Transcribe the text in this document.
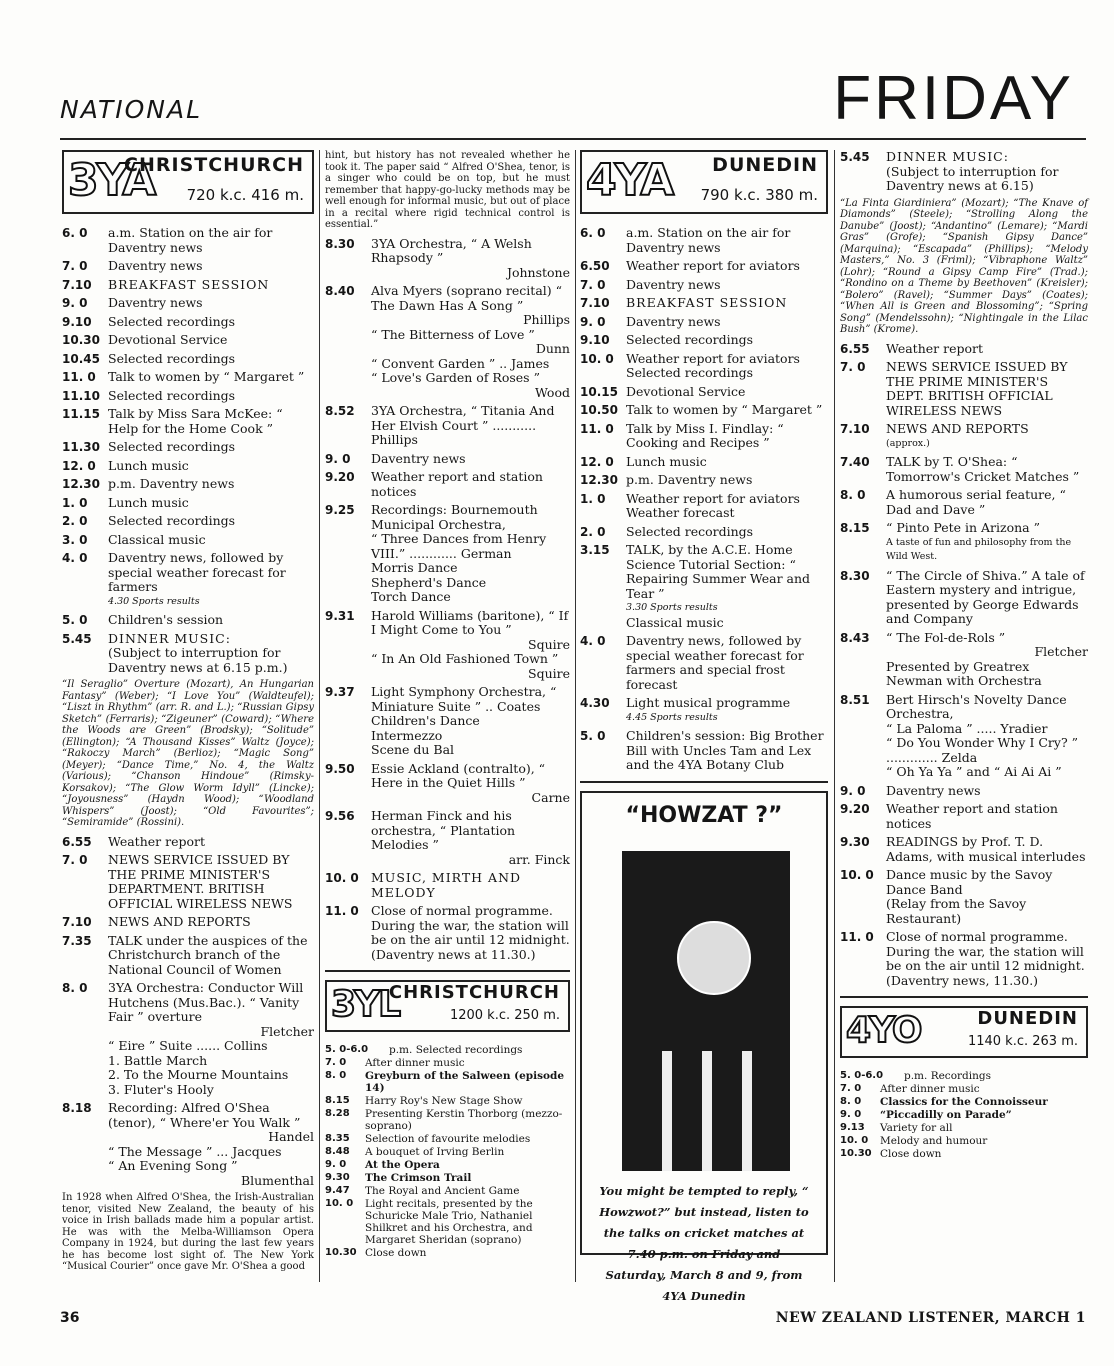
NATIONAL	FRIDAY
3YA
CHRISTCHURCH
720 k.c. 416 m.
6. 0	a.m. Station on the air for Daventry news
7. 0	Daventry news
7.10	BREAKFAST SESSION
9. 0	Daventry news
9.10	Selected recordings
10.30 Devotional Service
10.45 Selected recordings
11. 0 Talk to women by “ Margaret ”
11.10 Selected recordings
11.15 Talk by Miss Sara McKee: “ Help for the Home Cook ”
11.30 Selected recordings
12. 0 Lunch music
12.30 p.m. Daventry news
1. 0	Lunch music
2. 0	Selected recordings
3. 0	Classical music
4. 0	Daventry news, followed by special weather forecast for farmers
4.30 Sports results
5. 0	Children's session
5.45	DINNER MUSIC:
(Subject to interruption for Daventry news at 6.15 p.m.)
“Il Seraglio” Overture (Mozart), An Hungarian Fantasy” (Weber); “I Love You” (Waldteufel); “Liszt in Rhythm” (arr. R. and L.); “Russian Gipsy Sketch” (Ferraris); “Zigeuner” (Coward); “Where the Woods are Green” (Brodsky); “Solitude” (Ellington); “A Thousand Kisses” Waltz (Joyce); “Rakoczy March” (Berlioz); “Magic Song” (Meyer); “Dance Time,” No. 4, the Waltz (Various); “Chanson Hindoue” (Rimsky-Korsakov); “The Glow Worm Idyll” (Lincke); “Joyousness” (Haydn Wood); “Woodland Whispers” (Joost); “Old Favourites”; “Semiramide” (Rossini).
6.55	Weather report
7. 0	NEWS SERVICE ISSUED BY THE PRIME MINISTER'S DEPARTMENT. BRITISH OFFICIAL WIRELESS NEWS
7.10	NEWS AND REPORTS
7.35	TALK under the auspices of the Christchurch branch of the National Council of Women
8. 0	3YA Orchestra: Conductor Will Hutchens (Mus.Bac.). “ Vanity Fair ” overture
Fletcher
“ Eire ” Suite ...... Collins
1. Battle March
2. To the Mourne Mountains
3. Fluter's Hooly
8.18	Recording: Alfred O'Shea (tenor), “ Where'er You Walk ”
Handel
“ The Message ” ... Jacques
“ An Evening Song ”
Blumenthal
In 1928 when Alfred O'Shea, the Irish-Australian tenor, visited New Zealand, the beauty of his voice in Irish ballads made him a popular artist. He was with the Melba-Williamson Opera Company in 1924, but during the last few years he has become lost sight of. The New York “Musical Courier” once gave Mr. O'Shea a good
hint, but history has not revealed whether he took it. The paper said “ Alfred O'Shea, tenor, is a singer who could be on top, but he must remember that happy-go-lucky methods may be well enough for informal music, but out of place in a recital where rigid technical control is essential.”
8.30	3YA Orchestra, “ A Welsh Rhapsody ”
Johnstone
8.40	Alva Myers (soprano recital) “ The Dawn Has A Song ”
Phillips
“ The Bitterness of Love ”
Dunn
“ Convent Garden ” .. James
“ Love's Garden of Roses ”
Wood
8.52	3YA Orchestra, “ Titania And Her Elvish Court ” ........... Phillips
9. 0	Daventry news
9.20	Weather report and station notices
9.25	Recordings: Bournemouth Municipal Orchestra,
“ Three Dances from Henry VIII.” ............ German
Morris Dance
Shepherd's Dance
Torch Dance
9.31	Harold Williams (baritone), “ If I Might Come to You ”
Squire
“ In An Old Fashioned Town ”
Squire
9.37	Light Symphony Orchestra, “ Miniature Suite ” .. Coates
Children's Dance
Intermezzo
Scene du Bal
9.50	Essie Ackland (contralto), “ Here in the Quiet Hills ”
Carne
9.56	Herman Finck and his orchestra, “ Plantation Melodies ”
arr. Finck
10. 0 MUSIC, MIRTH AND MELODY
11. 0 Close of normal programme. During the war, the station will be on the air until 12 midnight. (Daventry news at 11.30.)
3YL
CHRISTCHURCH
1200 k.c. 250 m.
5. 0-6.0	p.m. Selected recordings
7. 0	After dinner music
8. 0	Greyburn of the Salween (episode 14)
8.15	Harry Roy's New Stage Show
8.28	Presenting Kerstin Thorborg (mezzo-soprano)
8.35	Selection of favourite melodies
8.48	A bouquet of Irving Berlin
9. 0	At the Opera
9.30	The Crimson Trail
9.47	The Royal and Ancient Game
10. 0	Light recitals, presented by the Schuricke Male Trio, Nathaniel Shilkret and his Orchestra, and Margaret Sheridan (soprano)
10.30 Close down
4YA DUNEDIN
790 k.c. 380 m.
6. 0	a.m. Station on the air for Daventry news
6.50	Weather report for aviators
7. 0	Daventry news
7.10	BREAKFAST SESSION
9. 0	Daventry news
9.10	Selected recordings
10. 0 Weather report for aviators Selected recordings
10.15 Devotional Service
10.50 Talk to women by “ Margaret ”
11. 0 Talk by Miss I. Findlay: “ Cooking and Recipes ”
12. 0 Lunch music
12.30 p.m. Daventry news
1. 0	Weather report for aviators Weather forecast
2. 0	Selected recordings
3.15	TALK, by the A.C.E. Home Science Tutorial Section: “ Repairing Summer Wear and Tear ”
3.30 Sports results
Classical music
4. 0	Daventry news, followed by special weather forecast for farmers and special frost forecast
4.30	Light musical programme
4.45 Sports results
5. 0	Children's session: Big Brother Bill with Uncles Tam and Lex and the 4YA Botany Club
“HOWZAT ?”
You might be tempted to reply, “ Howzwot?” but instead, listen to the talks on cricket matches at 7.40 p.m. on Friday and Saturday, March 8 and 9, from 4YA Dunedin
5.45	DINNER MUSIC:
(Subject to interruption for Daventry news at 6.15)
“La Finta Giardiniera” (Mozart); “The Knave of Diamonds” (Steele); “Strolling Along the Danube” (Joost); “Andantino” (Lemare); “Mardi Gras” (Grofe); “Spanish Gipsy Dance” (Marquina); “Escapada” (Phillips); “Melody Masters,” No. 3 (Friml); “Vibraphone Waltz” (Lohr); “Round a Gipsy Camp Fire” (Trad.); “Rondino on a Theme by Beethoven” (Kreisler); “Bolero” (Ravel); “Summer Days” (Coates); “When All is Green and Blossoming”; “Spring Song” (Mendelssohn); “Nightingale in the Lilac Bush” (Krome).
6.55	Weather report
7. 0	NEWS SERVICE ISSUED BY THE PRIME MINISTER'S DEPT. BRITISH OFFICIAL WIRELESS NEWS
7.10	NEWS AND REPORTS
(approx.)
7.40	TALK by T. O'Shea: “ Tomorrow's Cricket Matches ”
8. 0	A humorous serial feature, “ Dad and Dave ”
8.15	“ Pinto Pete in Arizona ”
A taste of fun and philosophy from the Wild West.
8.30	“ The Circle of Shiva.” A tale of Eastern mystery and intrigue, presented by George Edwards and Company
8.43	“ The Fol-de-Rols ”
Fletcher
Presented by Greatrex Newman with Orchestra
8.51	Bert Hirsch's Novelty Dance Orchestra,
“ La Paloma ” ..... Yradier
“ Do You Wonder Why I Cry? ” ............. Zelda
“ Oh Ya Ya ” and “ Ai Ai Ai ”
9. 0	Daventry news
9.20	Weather report and station notices
9.30	READINGS by Prof. T. D. Adams, with musical interludes
10. 0 Dance music by the Savoy Dance Band
(Relay from the Savoy Restaurant)
11. 0 Close of normal programme. During the war, the station will be on the air until 12 midnight. (Daventry news, 11.30.)
4YO	DUNEDIN
1140 k.c. 263 m.
5. 0-6.0	p.m. Recordings
7. 0	After dinner music
8. 0	Classics for the Connoisseur
9. 0	“Piccadilly on Parade”
9.13	Variety for all
10. 0	Melody and humour
10.30 Close down
36	NEW ZEALAND LISTENER, MARCH 1
